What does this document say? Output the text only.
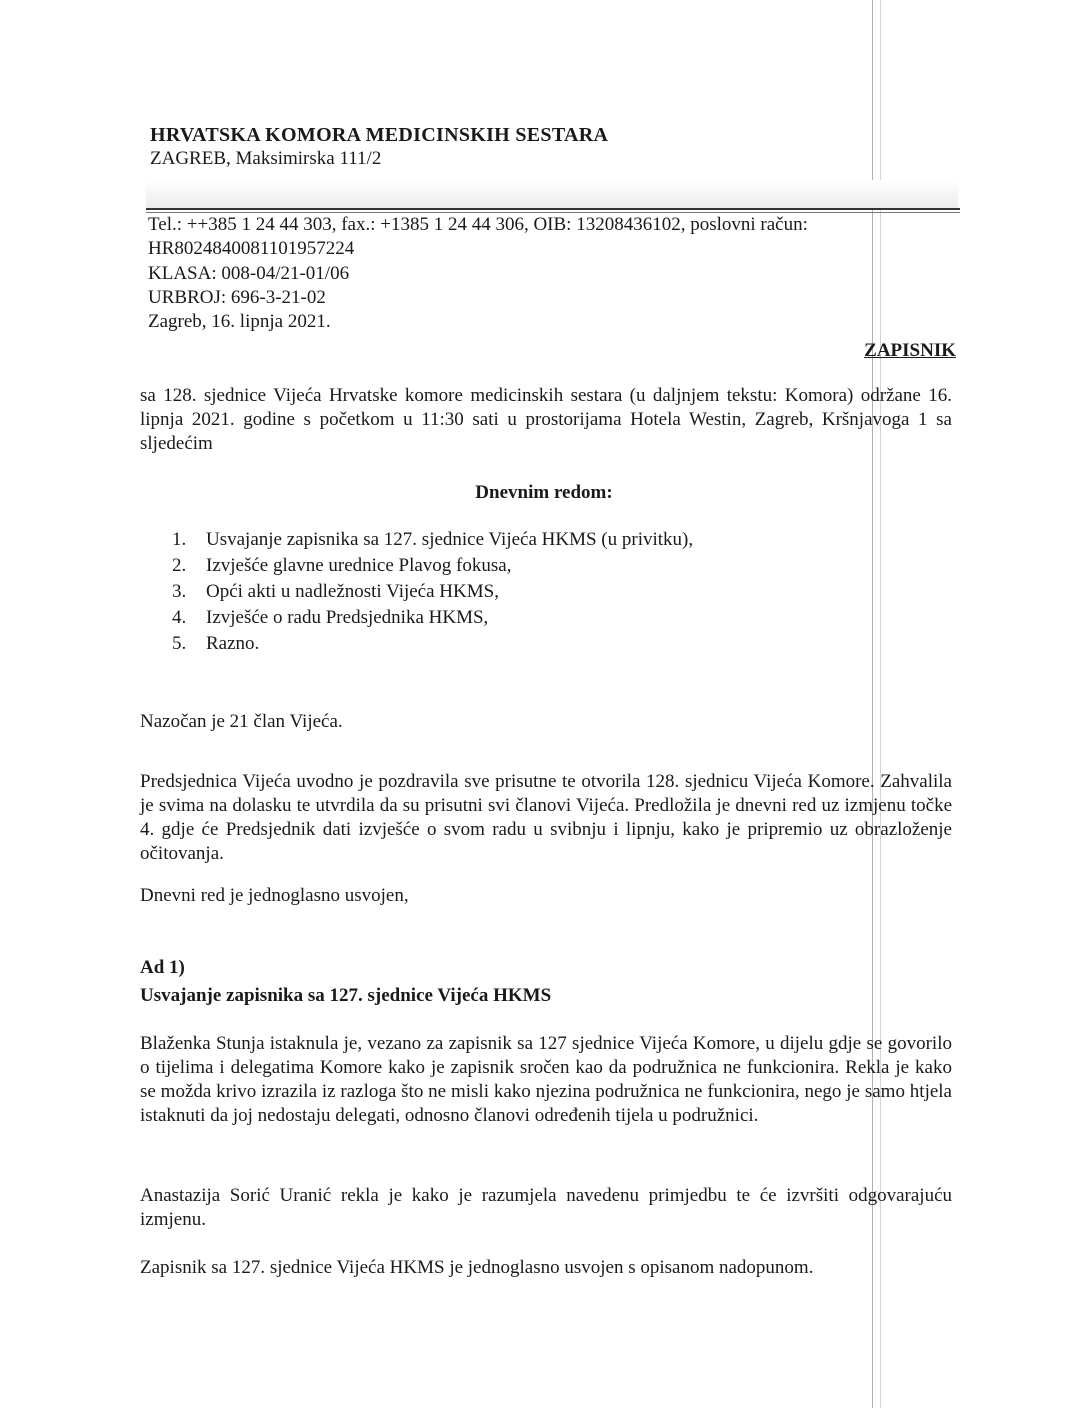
HRVATSKA KOMORA MEDICINSKIH SESTARA
ZAGREB, Maksimirska 111/2
Tel.: ++385 1 24 44 303, fax.: +1385 1 24 44 306, OIB: 13208436102, poslovni račun:
HR8024840081101957224
KLASA: 008-04/21-01/06
URBROJ: 696-3-21-02
Zagreb, 16. lipnja 2021.
ZAPISNIK
sa 128. sjednice Vijeća Hrvatske komore medicinskih sestara (u daljnjem tekstu: Komora) održane 16. lipnja 2021. godine s početkom u 11:30 sati u prostorijama Hotela Westin, Zagreb, Kršnjavoga 1 sa sljedećim
Dnevnim redom:
1. Usvajanje zapisnika sa 127. sjednice Vijeća HKMS (u privitku),
2. Izvješće glavne urednice Plavog fokusa,
3. Opći akti u nadležnosti Vijeća HKMS,
4. Izvješće o radu Predsjednika HKMS,
5. Razno.
Nazočan je 21 član Vijeća.
Predsjednica Vijeća uvodno je pozdravila sve prisutne te otvorila 128. sjednicu Vijeća Komore. Zahvalila je svima na dolasku te utvrdila da su prisutni svi članovi Vijeća. Predložila je dnevni red uz izmjenu točke 4. gdje će Predsjednik dati izvješće o svom radu u svibnju i lipnju, kako je pripremio uz obrazloženje očitovanja.
Dnevni red je jednoglasno usvojen,
Ad 1)
Usvajanje zapisnika sa 127. sjednice Vijeća HKMS
Blaženka Stunja istaknula je, vezano za zapisnik sa 127 sjednice Vijeća Komore, u dijelu gdje se govorilo o tijelima i delegatima Komore kako je zapisnik sročen kao da podružnica ne funkcionira. Rekla je kako se možda krivo izrazila iz razloga što ne misli kako njezina podružnica ne funkcionira, nego je samo htjela istaknuti da joj nedostaju delegati, odnosno članovi određenih tijela u podružnici.
Anastazija Sorić Uranić rekla je kako je razumjela navedenu primjedbu te će izvršiti odgovarajuću izmjenu.
Zapisnik sa 127. sjednice Vijeća HKMS je jednoglasno usvojen s opisanom nadopunom.
